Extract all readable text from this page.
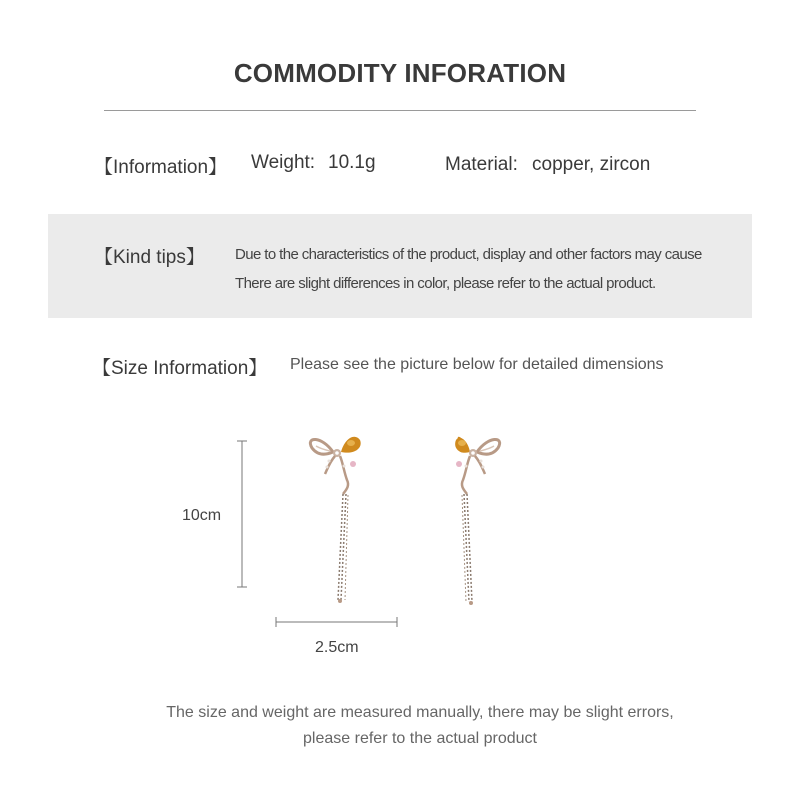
COMMODITY INFORATION
【Information】 Weight: 10.1g	Material: copper, zircon
【Kind tips】 Due to the characteristics of the product, display and other factors may cause
There are slight differences in color, please refer to the actual product.
【Size Information】 Please see the picture below for detailed dimensions
10cm
2.5cm
The size and weight are measured manually, there may be slight errors,
please refer to the actual product
